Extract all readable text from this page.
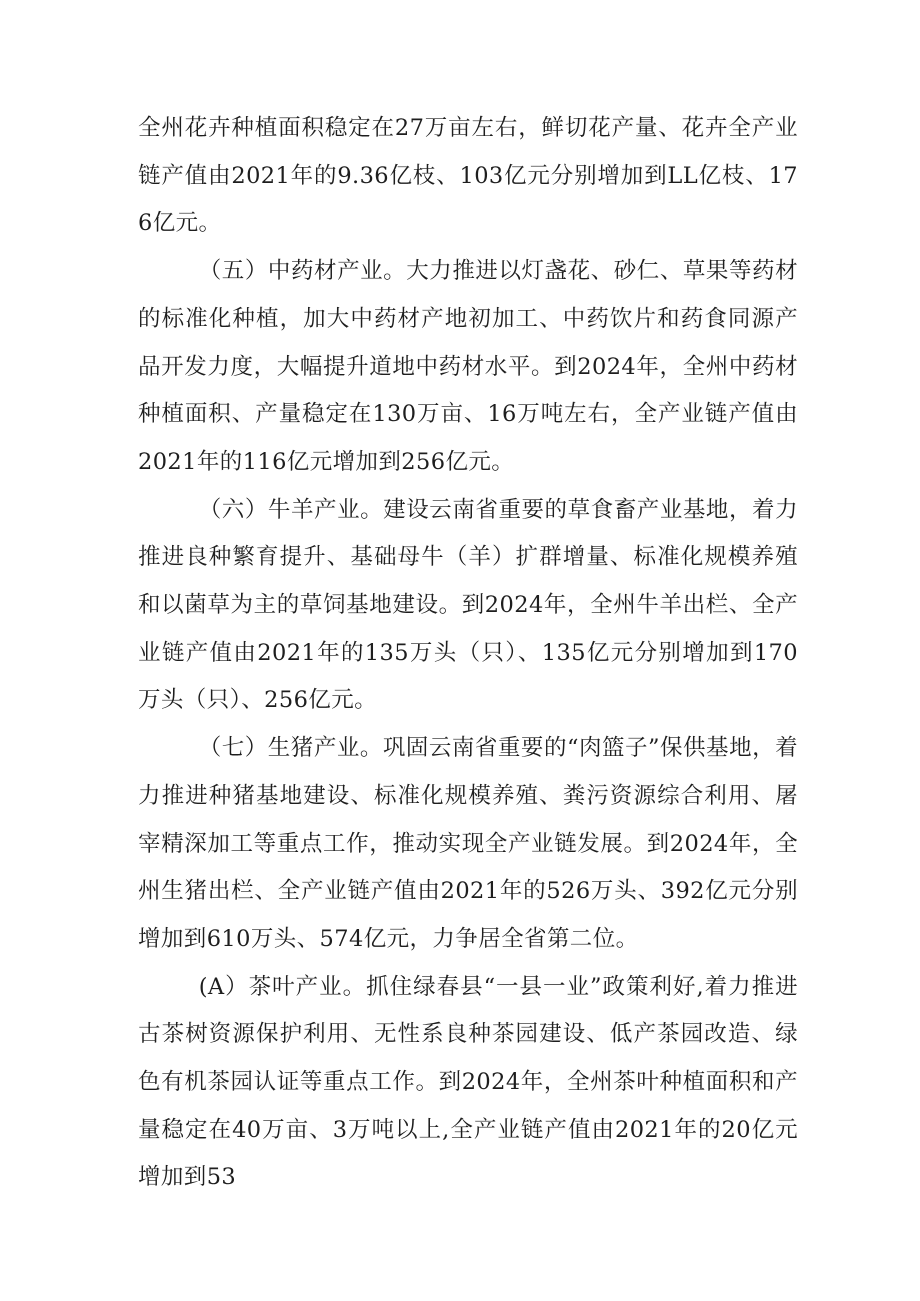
全州花卉种植面积稳定在27万亩左右，鲜切花产量、花卉全产业链产值由2021年的9.36亿枝、103亿元分别增加到LL亿枝、176亿元。

（五）中药材产业。大力推进以灯盏花、砂仁、草果等药材的标准化种植，加大中药材产地初加工、中药饮片和药食同源产品开发力度，大幅提升道地中药材水平。到2024年，全州中药材种植面积、产量稳定在130万亩、16万吨左右，全产业链产值由2021年的116亿元增加到256亿元。

（六）牛羊产业。建设云南省重要的草食畜产业基地，着力推进良种繁育提升、基础母牛（羊）扩群增量、标准化规模养殖和以菌草为主的草饲基地建设。到2024年，全州牛羊出栏、全产业链产值由2021年的135万头（只）、135亿元分别增加到170万头（只）、256亿元。

（七）生猪产业。巩固云南省重要的“肉篮子”保供基地，着力推进种猪基地建设、标准化规模养殖、粪污资源综合利用、屠宰精深加工等重点工作，推动实现全产业链发展。到2024年，全州生猪出栏、全产业链产值由2021年的526万头、392亿元分别增加到610万头、574亿元，力争居全省第二位。

(A）茶叶产业。抓住绿春县“一县一业”政策利好,着力推进古茶树资源保护利用、无性系良种茶园建设、低产茶园改造、绿色有机茶园认证等重点工作。到2024年，全州茶叶种植面积和产量稳定在40万亩、3万吨以上,全产业链产值由2021年的20亿元增加到53
